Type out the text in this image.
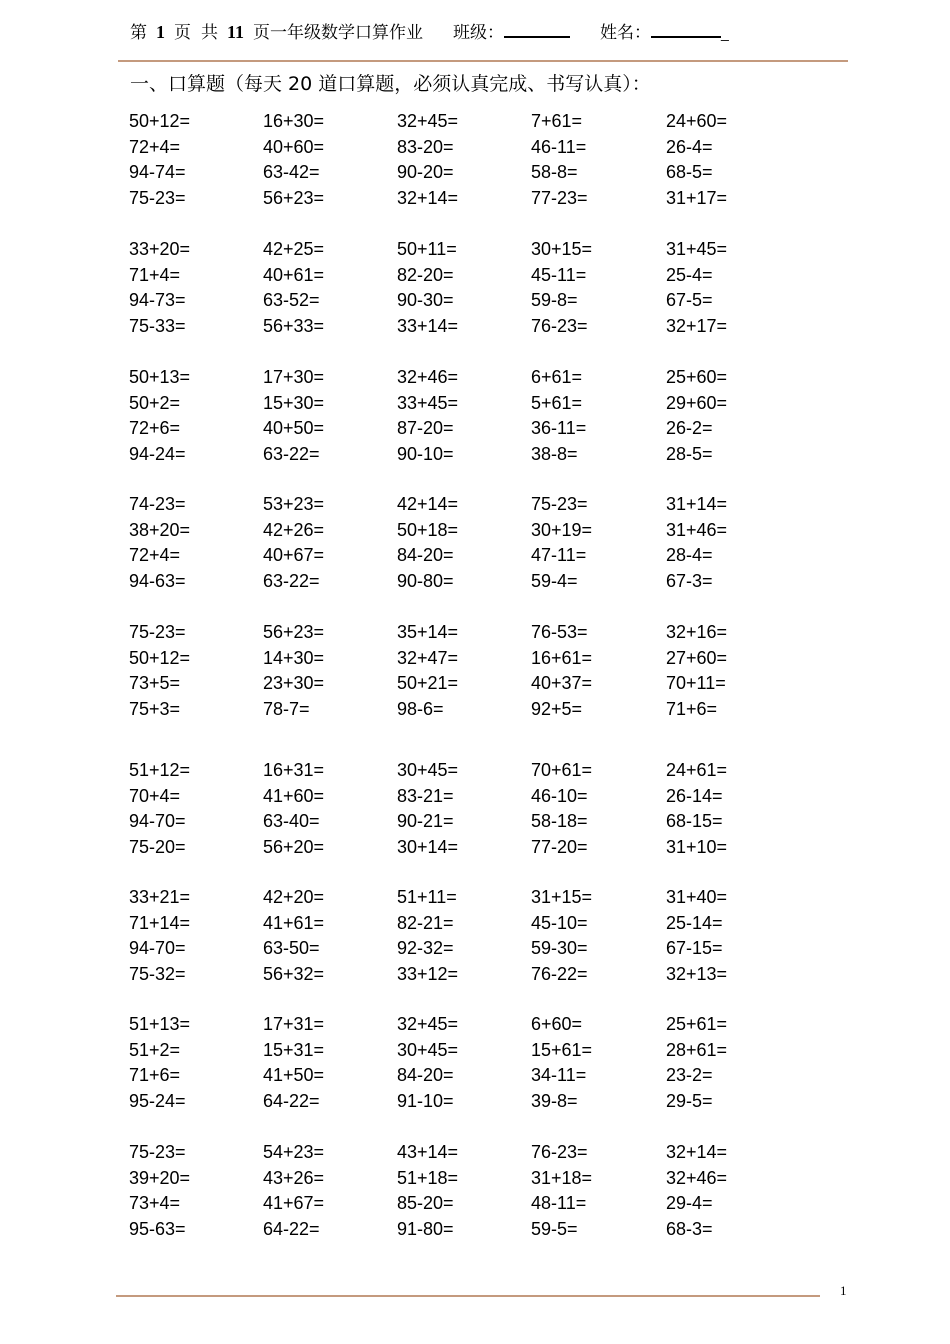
第 1 页 共 11 页一年级数学口算作业 班级：	姓名：	_
一、口算题（每天 20 道口算题，必须认真完成、书写认真）：
50+12=	16+30=	32+45=	7+61=	24+60=
72+4=	40+60=	83-20=	46-11=	26-4=
94-74=	63-42=	90-20=	58-8=	68-5=
75-23=	56+23=	32+14=	77-23=	31+17=
33+20=	42+25=	50+11=	30+15=	31+45=
71+4=	40+61=	82-20=	45-11=	25-4=
94-73=	63-52=	90-30=	59-8=	67-5=
75-33=	56+33=	33+14=	76-23=	32+17=
50+13=	17+30=	32+46=	6+61=	25+60=
50+2=	15+30=	33+45=	5+61=	29+60=
72+6=	40+50=	87-20=	36-11=	26-2=
94-24=	63-22=	90-10=	38-8=	28-5=
74-23=	53+23=	42+14=	75-23=	31+14=
38+20=	42+26=	50+18=	30+19=	31+46=
72+4=	40+67=	84-20=	47-11=	28-4=
94-63=	63-22=	90-80=	59-4=	67-3=
75-23=	56+23=	35+14=	76-53=	32+16=
50+12=	14+30=	32+47=	16+61=	27+60=
73+5=	23+30=	50+21=	40+37=	70+11=
75+3=	78-7=	98-6=	92+5=	71+6=
51+12=	16+31=	30+45=	70+61=	24+61=
70+4=	41+60=	83-21=	46-10=	26-14=
94-70=	63-40=	90-21=	58-18=	68-15=
75-20=	56+20=	30+14=	77-20=	31+10=
33+21=	42+20=	51+11=	31+15=	31+40=
71+14=	41+61=	82-21=	45-10=	25-14=
94-70=	63-50=	92-32=	59-30=	67-15=
75-32=	56+32=	33+12=	76-22=	32+13=
51+13=	17+31=	32+45=	6+60=	25+61=
51+2=	15+31=	30+45=	15+61=	28+61=
71+6=	41+50=	84-20=	34-11=	23-2=
95-24=	64-22=	91-10=	39-8=	29-5=
75-23=	54+23=	43+14=	76-23=	32+14=
39+20=	43+26=	51+18=	31+18=	32+46=
73+4=	41+67=	85-20=	48-11=	29-4=
95-63=	64-22=	91-80=	59-5=	68-3=
1
